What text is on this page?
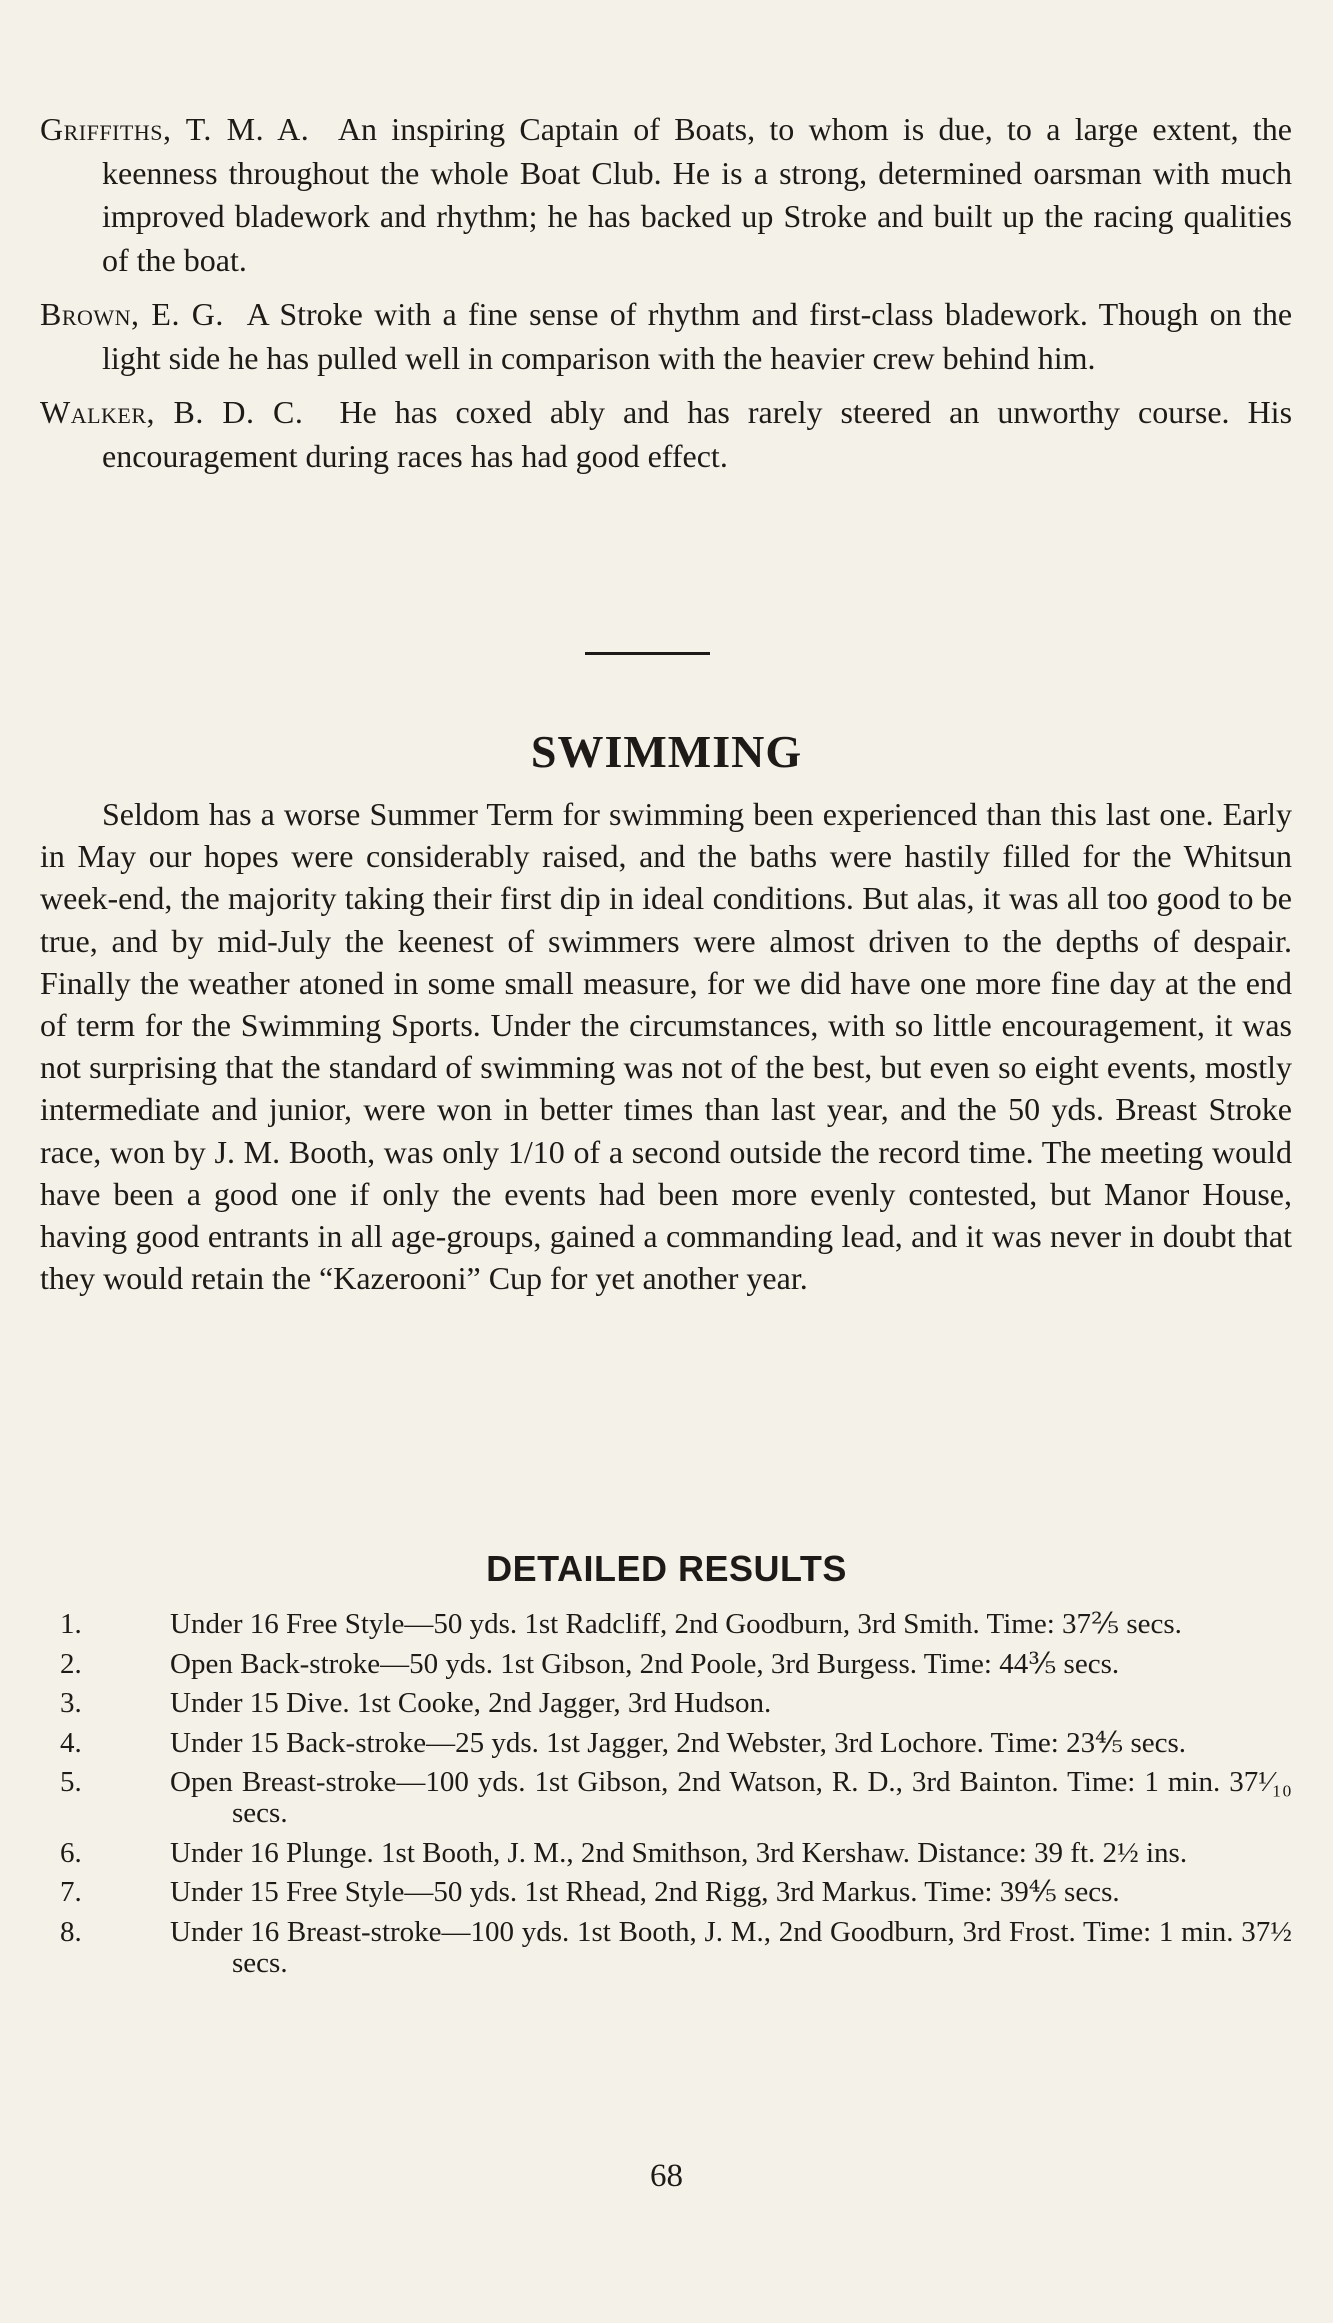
Griffiths, T. M. A. An inspiring Captain of Boats, to whom is due, to a large extent, the keenness throughout the whole Boat Club. He is a strong, determined oarsman with much improved bladework and rhythm; he has backed up Stroke and built up the racing qualities of the boat.

Brown, E. G. A Stroke with a fine sense of rhythm and first-class bladework. Though on the light side he has pulled well in comparison with the heavier crew behind him.

Walker, B. D. C. He has coxed ably and has rarely steered an unworthy course. His encouragement during races has had good effect.

SWIMMING

Seldom has a worse Summer Term for swimming been experienced than this last one. Early in May our hopes were considerably raised, and the baths were hastily filled for the Whitsun week-end, the majority taking their first dip in ideal conditions. But alas, it was all too good to be true, and by mid-July the keenest of swimmers were almost driven to the depths of despair. Finally the weather atoned in some small measure, for we did have one more fine day at the end of term for the Swimming Sports. Under the circumstances, with so little encouragement, it was not surprising that the standard of swimming was not of the best, but even so eight events, mostly intermediate and junior, were won in better times than last year, and the 50 yds. Breast Stroke race, won by J. M. Booth, was only 1/10 of a second outside the record time. The meeting would have been a good one if only the events had been more evenly contested, but Manor House, having good entrants in all age-groups, gained a commanding lead, and it was never in doubt that they would retain the “Kazerooni” Cup for yet another year.

DETAILED RESULTS
1.	Under 16 Free Style—50 yds. 1st Radcliff, 2nd Goodburn, 3rd Smith. Time: 37⅖ secs.
2.	Open Back-stroke—50 yds. 1st Gibson, 2nd Poole, 3rd Burgess. Time: 44⅗ secs.
3.	Under 15 Dive. 1st Cooke, 2nd Jagger, 3rd Hudson.
4.	Under 15 Back-stroke—25 yds. 1st Jagger, 2nd Webster, 3rd Lochore. Time: 23⅘ secs.
5.	Open Breast-stroke—100 yds. 1st Gibson, 2nd Watson, R. D., 3rd Bainton. Time: 1 min. 37¹⁄₁₀ secs.
6.	Under 16 Plunge. 1st Booth, J. M., 2nd Smithson, 3rd Kershaw. Distance: 39 ft. 2½ ins.
7.	Under 15 Free Style—50 yds. 1st Rhead, 2nd Rigg, 3rd Markus. Time: 39⅘ secs.
8.	Under 16 Breast-stroke—100 yds. 1st Booth, J. M., 2nd Goodburn, 3rd Frost. Time: 1 min. 37½ secs.
68
